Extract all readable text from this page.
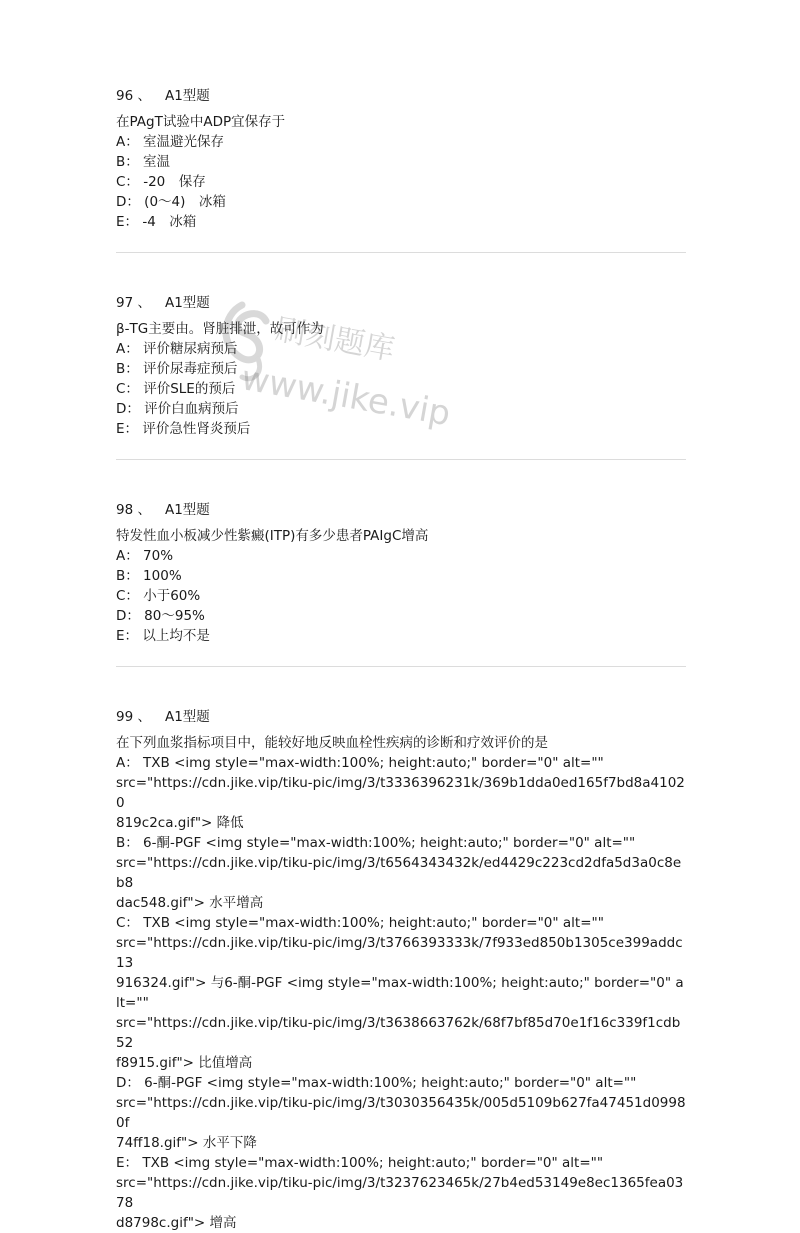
刷刻题库
www.jike.vip
96 、 A1型题
在PAgT试验中ADP宜保存于
A： 室温避光保存
B： 室温
C： -20　保存
D： (0～4)　冰箱
E： -4　冰箱
97 、 A1型题
β-TG主要由。肾脏排泄，故可作为
A： 评价糖尿病预后
B： 评价尿毒症预后
C： 评价SLE的预后
D： 评价白血病预后
E： 评价急性肾炎预后
98 、 A1型题
特发性血小板减少性紫癜(ITP)有多少患者PAIgC增高
A： 70%
B： 100%
C： 小于60%
D： 80～95%
E： 以上均不是
99 、 A1型题
在下列血浆指标项目中，能较好地反映血栓性疾病的诊断和疗效评价的是
A： TXB <img style="max-width:100%; height:auto;" border="0" alt=""
src="https://cdn.jike.vip/tiku-pic/img/3/t3336396231k/369b1dda0ed165f7bd8a41020
819c2ca.gif"> 降低
B： 6-酮-PGF <img style="max-width:100%; height:auto;" border="0" alt=""
src="https://cdn.jike.vip/tiku-pic/img/3/t6564343432k/ed4429c223cd2dfa5d3a0c8eb8
dac548.gif"> 水平增高
C： TXB <img style="max-width:100%; height:auto;" border="0" alt=""
src="https://cdn.jike.vip/tiku-pic/img/3/t3766393333k/7f933ed850b1305ce399addc13
916324.gif"> 与6-酮-PGF <img style="max-width:100%; height:auto;" border="0" alt=""
src="https://cdn.jike.vip/tiku-pic/img/3/t3638663762k/68f7bf85d70e1f16c339f1cdb52
f8915.gif"> 比值增高
D： 6-酮-PGF <img style="max-width:100%; height:auto;" border="0" alt=""
src="https://cdn.jike.vip/tiku-pic/img/3/t3030356435k/005d5109b627fa47451d09980f
74ff18.gif"> 水平下降
E： TXB <img style="max-width:100%; height:auto;" border="0" alt=""
src="https://cdn.jike.vip/tiku-pic/img/3/t3237623465k/27b4ed53149e8ec1365fea0378
d8798c.gif"> 增高
